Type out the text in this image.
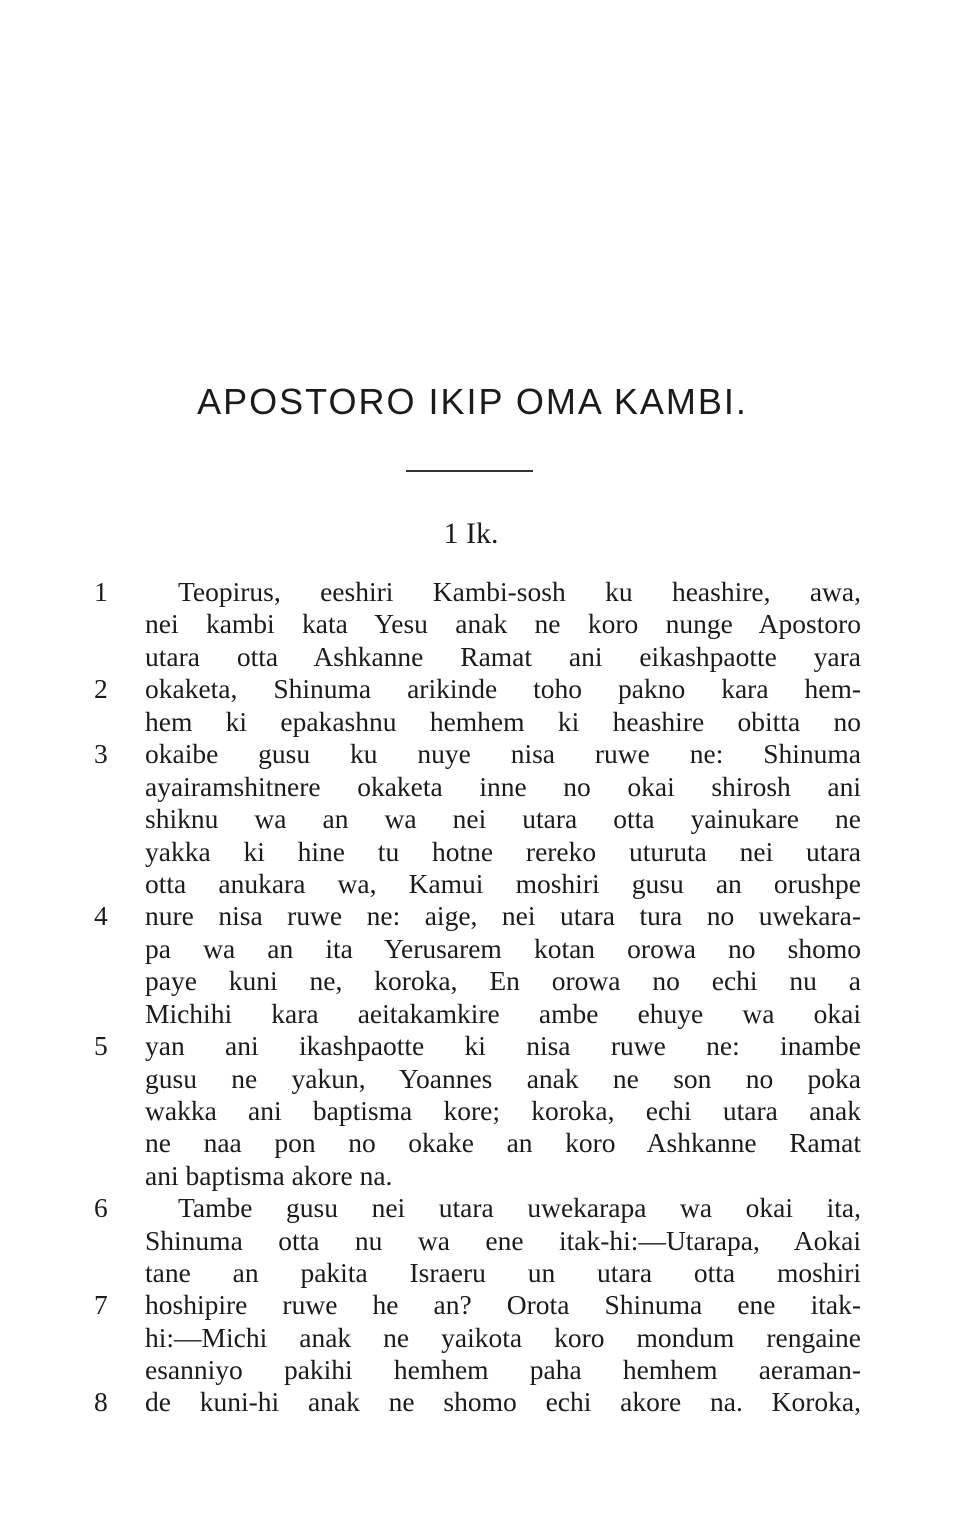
APOSTORO IKIP OMA KAMBI.
1 Ik.
1
2
3
4
5
6
7
8
Teopirus, eeshiri Kambi-sosh ku heashire, awa,
nei kambi kata Yesu anak ne koro nunge Apostoro
utara otta Ashkanne Ramat ani eikashpaotte yara
okaketa, Shinuma arikinde toho pakno kara hem-
hem ki epakashnu hemhem ki heashire obitta no
okaibe gusu ku nuye nisa ruwe ne: Shinuma
ayairamshitnere okaketa inne no okai shirosh ani
shiknu wa an wa nei utara otta yainukare ne
yakka ki hine tu hotne rereko uturuta nei utara
otta anukara wa, Kamui moshiri gusu an orushpe
nure nisa ruwe ne: aige, nei utara tura no uwekara-
pa wa an ita Yerusarem kotan orowa no shomo
paye kuni ne, koroka, En orowa no echi nu a
Michihi kara aeitakamkire ambe ehuye wa okai
yan ani ikashpaotte ki nisa ruwe ne: inambe
gusu ne yakun, Yoannes anak ne son no poka
wakka ani baptisma kore; koroka, echi utara anak
ne naa pon no okake an koro Ashkanne Ramat
ani baptisma akore na.
Tambe gusu nei utara uwekarapa wa okai ita,
Shinuma otta nu wa ene itak-hi:—Utarapa, Aokai
tane an pakita Israeru un utara otta moshiri
hoshipire ruwe he an? Orota Shinuma ene itak-
hi:—Michi anak ne yaikota koro mondum rengaine
esanniyo pakihi hemhem paha hemhem aeraman-
de kuni-hi anak ne shomo echi akore na. Koroka,
